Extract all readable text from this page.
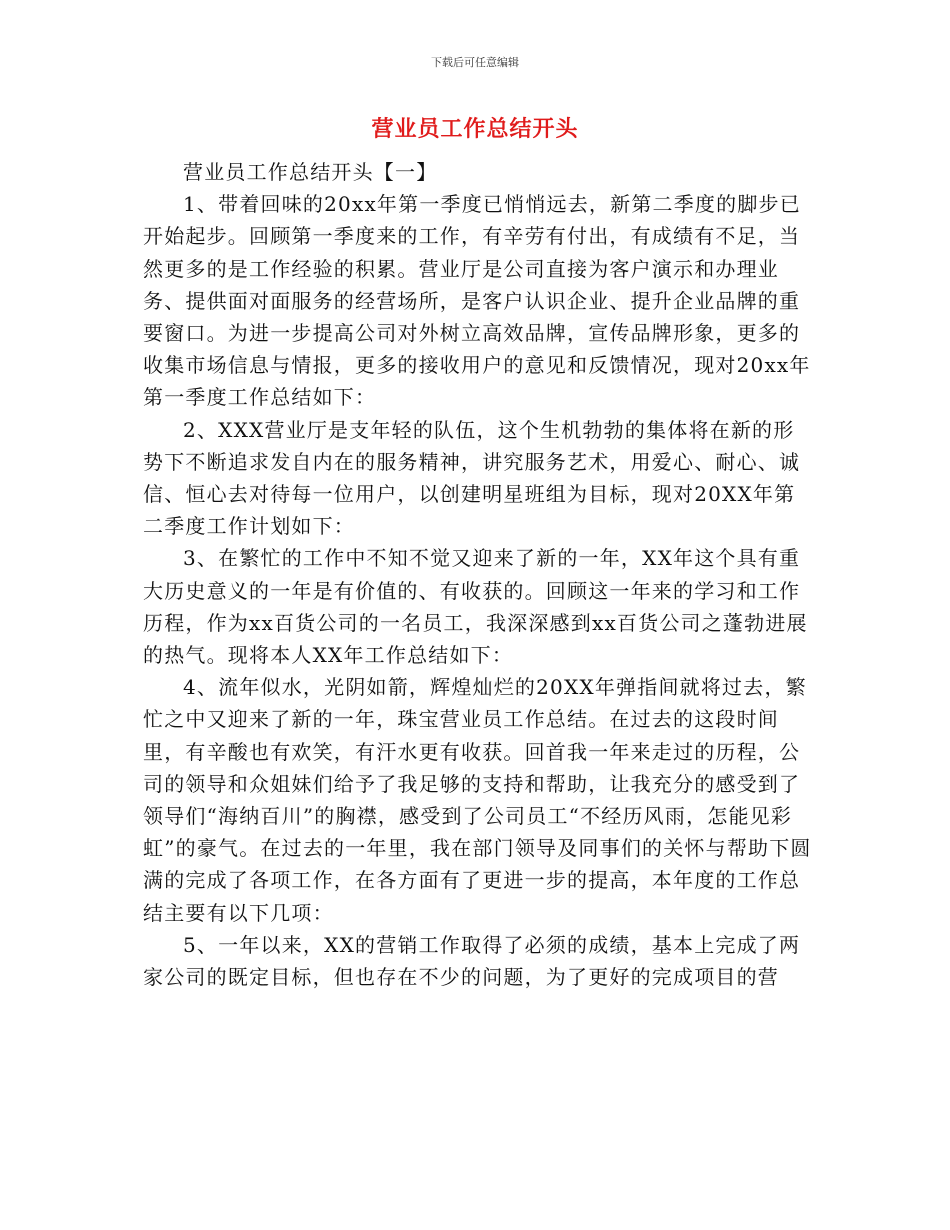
下载后可任意编辑
营业员工作总结开头

营业员工作总结开头【一】

1、带着回味的20xx年第一季度已悄悄远去，新第二季度的脚步已开始起步。回顾第一季度来的工作，有辛劳有付出，有成绩有不足，当然更多的是工作经验的积累。营业厅是公司直接为客户演示和办理业务、提供面对面服务的经营场所，是客户认识企业、提升企业品牌的重要窗口。为进一步提高公司对外树立高效品牌，宣传品牌形象，更多的收集市场信息与情报，更多的接收用户的意见和反馈情况，现对20xx年第一季度工作总结如下：

2、XXX营业厅是支年轻的队伍，这个生机勃勃的集体将在新的形势下不断追求发自内在的服务精神，讲究服务艺术，用爱心、耐心、诚信、恒心去对待每一位用户，以创建明星班组为目标，现对20XX年第二季度工作计划如下：

3、在繁忙的工作中不知不觉又迎来了新的一年，XX年这个具有重大历史意义的一年是有价值的、有收获的。回顾这一年来的学习和工作历程，作为xx百货公司的一名员工，我深深感到xx百货公司之蓬勃进展的热气。现将本人XX年工作总结如下：

4、流年似水，光阴如箭，辉煌灿烂的20XX年弹指间就将过去，繁忙之中又迎来了新的一年，珠宝营业员工作总结。在过去的这段时间里，有辛酸也有欢笑，有汗水更有收获。回首我一年来走过的历程，公司的领导和众姐妹们给予了我足够的支持和帮助，让我充分的感受到了领导们“海纳百川”的胸襟，感受到了公司员工“不经历风雨，怎能见彩虹”的豪气。在过去的一年里，我在部门领导及同事们的关怀与帮助下圆满的完成了各项工作，在各方面有了更进一步的提高，本年度的工作总结主要有以下几项：

5、一年以来，XX的营销工作取得了必须的成绩，基本上完成了两家公司的既定目标，但也存在不少的问题，为了更好的完成项目的营
